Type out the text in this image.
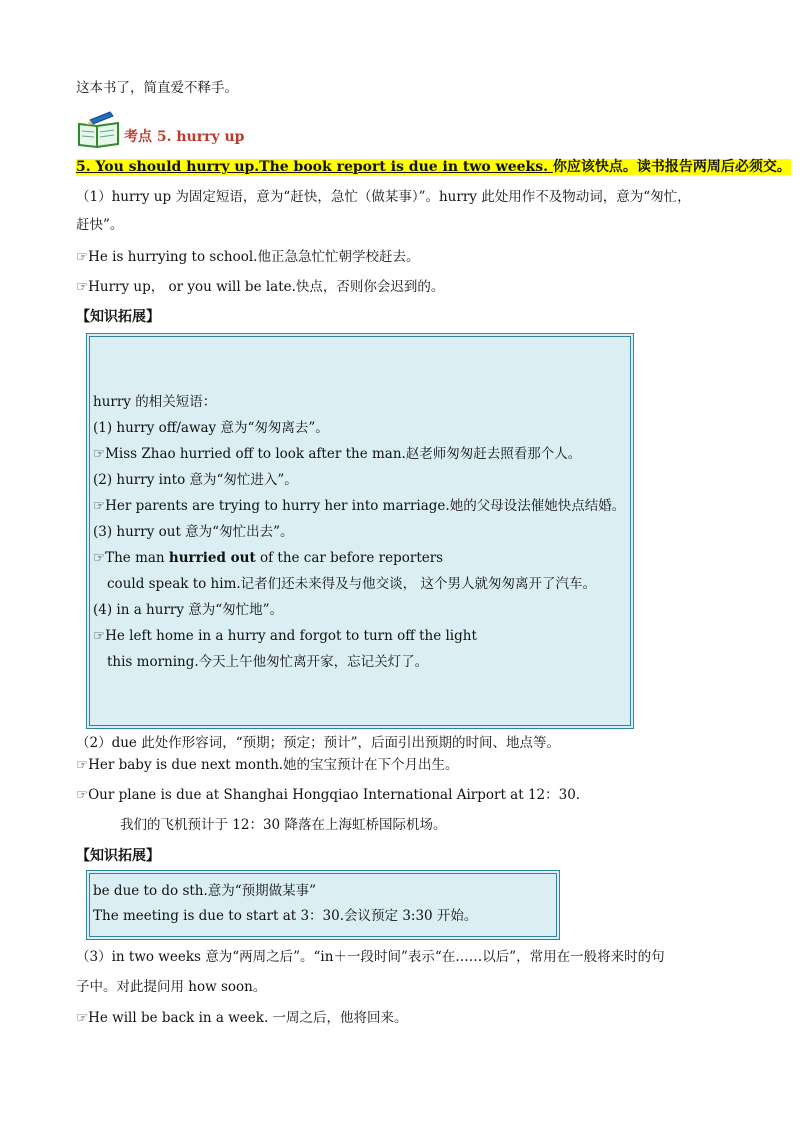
这本书了，简直爱不释手。
考点 5. hurry up
5. You should hurry up.The book report is due in two weeks. 你应该快点。读书报告两周后必须交。
（1）hurry up 为固定短语，意为“赶快，急忙（做某事）”。hurry 此处用作不及物动词，意为“匆忙，
赶快”。
☞He is hurrying to school.他正急急忙忙朝学校赶去。
☞Hurry up， or you will be late.快点，否则你会迟到的。
【知识拓展】
hurry 的相关短语：
(1) hurry off/away 意为“匆匆离去”。
☞Miss Zhao hurried off to look after the man.赵老师匆匆赶去照看那个人。
(2) hurry into 意为“匆忙进入”。
☞Her parents are trying to hurry her into marriage.她的父母设法催她快点结婚。
(3) hurry out 意为“匆忙出去”。
☞The man hurried out of the car before reporters
could speak to him.记者们还未来得及与他交谈， 这个男人就匆匆离开了汽车。
(4) in a hurry 意为“匆忙地”。
☞He left home in a hurry and forgot to turn off the light
this morning.今天上午他匆忙离开家，忘记关灯了。
（2）due 此处作形容词，“预期；预定；预计”，后面引出预期的时间、地点等。
☞Her baby is due next month.她的宝宝预计在下个月出生。
☞Our plane is due at Shanghai Hongqiao International Airport at 12：30.
我们的飞机预计于 12：30 降落在上海虹桥国际机场。
【知识拓展】
be due to do sth.意为“预期做某事”
The meeting is due to start at 3：30.会议预定 3:30 开始。
（3）in two weeks 意为“两周之后”。“in＋一段时间”表示“在……以后”，常用在一般将来时的句
子中。对此提问用 how soon。
☞He will be back in a week. 一周之后，他将回来。
